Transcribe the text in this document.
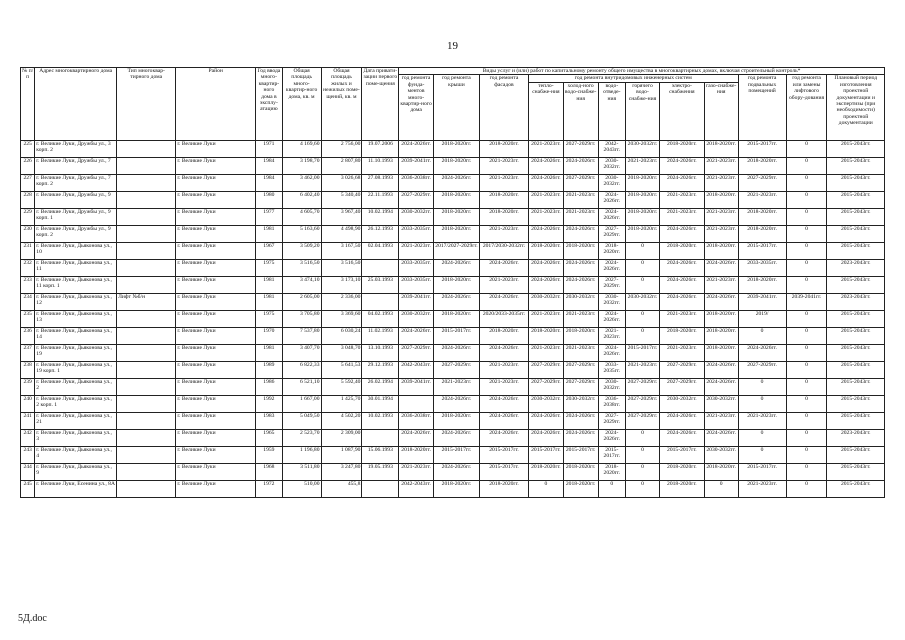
19
№ п/п	Адрес многоквартирного дома	Тип многоквар-тирного дома	Район	Год ввода много-квартир-ного дома в эксплу-атацию	Общая площадь много-квартир-ного дома, кв. м	Общая площадь жилых и нежилых поме-щений, кв. м	Дата привати-зации первого поме-щения	Виды услуг и (или) работ по капитальному ремонту общего имущества в многоквартирных домах, включая строительный контроль*											
								год ремонта фунда-ментов много-квартир-ного дома	год ремонта крыши	год ремонта фасадов	год ремонта внутридомовых инженерных систем						год ремонта подвальных помещений	год ремонта или замены лифтового обору-дования	Плановый период изготовления проектной документации и экспертизы (при необходимости) проектной документации
											тепло-снабже-ния	холод-ного водо-снабже-ния	водо-отведе-ния	горячего водо-снабже-ния	электро-снабжения	газо-снабже-ния			
225	г. Великие Луки, Дружбы ул., 3 корп. 2		г. Великие Луки	1971	4 169,60	2 756,00	19.07.2006	2024-2026гг.	2018-2020гг.	2018-2020гг.	2021-2023гг.	2027-2029гг.	2042-2043гг.	2030-2032гг.	2018-2020гг.	2018-2020гг.	2015-2017гг.	0	2015-2043гг.
226	г. Великие Луки, Дружбы ул., 7		г. Великие Луки	1984	3 198,70	2 807,80	11.10.1993	2039-2041гг.	2018-2020гг.	2021-2023гг.	2024-2026гг.	2024-2026гг.	2030-2032гг.	2021-2023гг.	2024-2026гг.	2021-2023гг.	2018-2020гг.	0	2015-2043гг.
227	г. Великие Луки, Дружбы ул., 7 корп. 2		г. Великие Луки	1984	3 462,00	3 026,68	27.08.1993	2036-2038гг.	2024-2026гг.	2021-2023гг.	2024-2026гг.	2027-2029гг.	2030-2032гг.	2018-2020гг.	2024-2026гг.	2021-2023гг.	2027-2029гг.	0	2015-2043гг.
228	г. Великие Луки, Дружбы ул., 9		г. Великие Луки	1980	6 402,40	5 340,40	22.11.1993	2027-2029гг.	2018-2020гг.	2018-2020гг.	2021-2023гг.	2021-2023гг.	2024-2026гг.	2018-2020гг.	2021-2023гг.	2018-2020гг.	2021-2023гг.	0	2015-2043гг.
229	г. Великие Луки, Дружбы ул., 9 корп. 1		г. Великие Луки	1977	4 605,70	3 967,40	10.02.1994	2030-2032гг.	2018-2020гг.	2018-2020гг.	2021-2023гг.	2021-2023гг.	2024-2026гг.	2018-2020гг.	2021-2023гг.	2021-2023гг.	2018-2020гг.	0	2015-2043гг.
230	г. Великие Луки, Дружбы ул., 9 корп. 2		г. Великие Луки	1981	5 163,60	4 498,90	26.12.1993	2033-2035гг.	2018-2020гг.	2021-2023гг.	2024-2026гг.	2024-2026гг.	2027-2029гг.	2018-2020гг.	2024-2026гг.	2021-2023гг.	2018-2020гг.	0	2015-2043гг.
231	г. Великие Луки, Дьяконова ул., 10		г. Великие Луки	1967	3 509,20	3 167,50	02.04.1993	2021-2023гг.	2017/2027-2029гг.	2017/2030-2032гг.	2018-2020гг.	2018-2020гг.	2018-2020гг.	0	2018-2020гг.	2018-2020гг.	2015-2017гг.	0	2015-2043гг.
232	г. Великие Луки, Дьяконова ул., 11		г. Великие Луки	1975	3 516,50	3 516,50		2033-2035гг.	2024-2026гг.	2024-2026гг.	2024-2026гг.	2024-2026гг.	2024-2026гг.	0	2024-2026гг.	2024-2026гг.	2033-2035гг.	0	2023-2043гг.
233	г. Великие Луки, Дьяконова ул., 11 корп. 1		г. Великие Луки	1981	3 474,10	3 173,10	25.03.1993	2033-2035гг.	2018-2020гг.	2021-2023гг.	2024-2026гг.	2024-2026гг.	2027-2029гг.	0	2024-2026гг.	2021-2023гг.	2018-2020гг.	0	2015-2043гг.
234	г. Великие Луки, Дьяконова ул., 12	Лифт №б/н	г. Великие Луки	1981	2 605,00	2 336,00		2039-2041гг.	2024-2026гг.	2024-2026гг.	2030-2032гг.	2030-2032гг.	2030-2032гг.	2030-2032гг.	2024-2026гг.	2024-2026гг.	2039-2041гг.	2039-2041гг.	2023-2043гг.
235	г. Великие Луки, Дьяконова ул., 13		г. Великие Луки	1975	3 705,80	3 369,60	04.02.1993	2030-2032гг.	2018-2020гг.	2020/2033-2035гг.	2021-2023гг.	2021-2023гг.	2024-2026гг.	0	2021-2023гг.	2018-2020гг.	2019/	0	2015-2043гг.
236	г. Великие Луки, Дьяконова ул., 14		г. Великие Луки	1970	7 537,80	6 030,24	11.02.1993	2024-2026гг.	2015-2017гг.	2018-2020гг.	2018-2020гг.	2018-2020гг.	2021-2023гг.	0	2018-2020гг.	2018-2020гг.	0	0	2015-2043гг.
237	г. Великие Луки, Дьяконова ул., 19		г. Великие Луки	1981	3 407,70	3 048,70	13.10.1993	2027-2029гг.	2024-2026гг.	2024-2026гг.	2021-2023гг.	2021-2023гг.	2024-2026гг.	2015-2017гг.	2021-2023гг.	2018-2020гг.	2024-2026гг.	0	2015-2043гг.
238	г. Великие Луки, Дьяконова ул., 19 корп. 1		г. Великие Луки	1989	6 822,33	5 641,53	29.12.1993	2042-2043гг.	2027-2029гг.	2021-2023гг.	2027-2029гг.	2027-2029гг.	2033-2035гг.	2021-2023гг.	2027-2029гг.	2024-2026гг.	2027-2029гг.	0	2015-2043гг.
239	г. Великие Луки, Дьяконова ул., 2		г. Великие Луки	1986	6 521,10	5 592,40	26.02.1994	2039-2041гг.	2021-2023гг.	2021-2023гг.	2027-2029гг.	2027-2029гг.	2030-2032гг.	2027-2029гг.	2027-2029гг.	2024-2026гг.	0	0	2015-2043гг.
240	г. Великие Луки, Дьяконова ул., 2 корп. 1		г. Великие Луки	1992	1 667,00	1 425,70	30.01.1994		2024-2026гг.	2024-2026гг.	2030-2032гг.	2030-2032гг.	2036-2038гг.	2027-2029гг.	2030-2032гг.	2030-2032гг.	0	0	2015-2043гг.
241	г. Великие Луки, Дьяконова ул., 21		г. Великие Луки	1983	5 049,50	4 502,20	10.02.1993	2036-2038гг.	2018-2020гг.	2024-2026гг.	2024-2026гг.	2024-2026гг.	2027-2029гг.	2027-2029гг.	2024-2026гг.	2021-2023гг.	2021-2023гг.	0	2015-2043гг.
242	г. Великие Луки, Дьяконова ул., 3		г. Великие Луки	1965	2 523,70	2 309,00		2024-2026гг.	2024-2026гг.	2024-2026гг.	2024-2026гг.	2024-2026гг.	2024-2026гг.	0	2024-2026гг.	2024-2026гг.	0	0	2023-2043гг.
243	г. Великие Луки, Дьяконова ул., 4		г. Великие Луки	1959	1 196,80	1 087,90	15.06.1993	2018-2020гг.	2015-2017гг.	2015-2017гг.	2015-2017гг.	2015-2017гг.	2015-2017гг.	0	2015-2017гг.	2030-2032гг.	0	0	2015-2043гг.
244	г. Великие Луки, Дьяконова ул., 9		г. Великие Луки	1968	3 511,80	3 247,80	19.05.1993	2021-2023гг.	2024-2026гг.	2015-2017гг.	2018-2020гг.	2018-2020гг.	2018-2020гг.	0	2018-2020гг.	2018-2020гг.	2015-2017гг.	0	2015-2043гг.
245	г. Великие Луки, Есенина ул., 8А		г. Великие Луки	1972	510,00	455,8		2042-2043гг.	2018-2020гг.	2018-2020гг.	0	2018-2020гг.	0	0	2018-2020гг.	0	2021-2023гг.	0	2015-2043гг.
5Д.doc
